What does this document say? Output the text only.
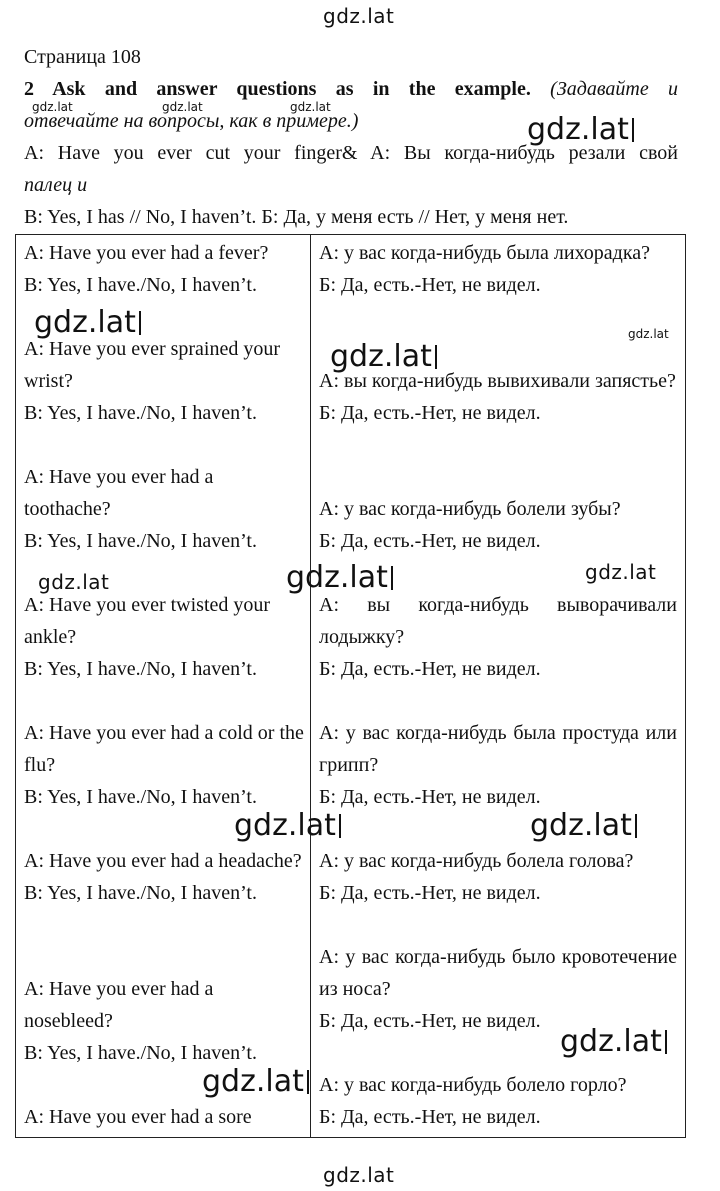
gdz.lat
gdz.lat
Страница 108
2 Ask and answer questions as in the example. (Задавайте и
отвечайте на вопросы, как в примере.)
A: Have you ever cut your finger& A: Вы когда-нибудь резали свой
палец и
B: Yes, I has // No, I haven’t. Б: Да, у меня есть // Нет, у меня нет.
gdz.lat	gdz.lat	gdz.lat
gdz.lat
A: Have you ever had a fever?
B: Yes, I have./No, I haven’t.
А: у вас когда-нибудь была лихорадка?
Б: Да, есть.-Нет, не видел.
A: Have you ever sprained your wrist?
B: Yes, I have./No, I haven’t.
А: вы когда-нибудь вывихивали запястье?
Б: Да, есть.-Нет, не видел.
A: Have you ever had a toothache?
B: Yes, I have./No, I haven’t.
А: у вас когда-нибудь болели зубы?
Б: Да, есть.-Нет, не видел.
A: Have you ever twisted your ankle?
B: Yes, I have./No, I haven’t.
А: вы когда-нибудь выворачивали лодыжку?
Б: Да, есть.-Нет, не видел.
A: Have you ever had a cold or the flu?
B: Yes, I have./No, I haven’t.
А: у вас когда-нибудь была простуда или грипп?
Б: Да, есть.-Нет, не видел.
A: Have you ever had a headache?
B: Yes, I have./No, I haven’t.
А: у вас когда-нибудь болела голова?
Б: Да, есть.-Нет, не видел.
A: Have you ever had a nosebleed?
B: Yes, I have./No, I haven’t.
А: у вас когда-нибудь было кровотечение из носа?
Б: Да, есть.-Нет, не видел.
A: Have you ever had a sore
А: у вас когда-нибудь болело горло?
Б: Да, есть.-Нет, не видел.
gdz.lat	gdz.lat
gdz.lat
gdz.lat	gdz.lat	gdz.lat
gdz.lat	gdz.lat
gdz.lat
gdz.lat
